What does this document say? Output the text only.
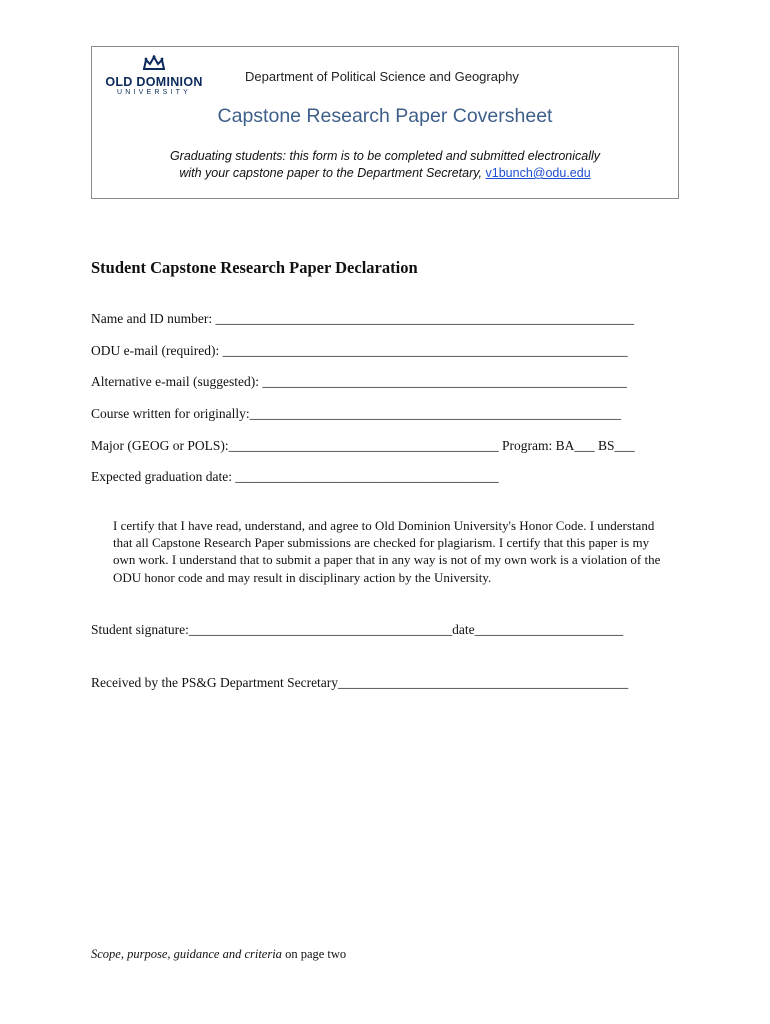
OLD DOMINION
UNIVERSITY
Department of Political Science and Geography
Capstone Research Paper Coversheet
Graduating students: this form is to be completed and submitted electronically
with your capstone paper to the Department Secretary, v1bunch@odu.edu
Student Capstone Research Paper Declaration
Name and ID number: ______________________________________________________________
ODU e-mail (required): ____________________________________________________________
Alternative e-mail (suggested): ______________________________________________________
Course written for originally:_______________________________________________________
Major (GEOG or POLS):________________________________________ Program: BA___ BS___
Expected graduation date: _______________________________________
I certify that I have read, understand, and agree to Old Dominion University's Honor Code. I understand that all Capstone Research Paper submissions are checked for plagiarism. I certify that this paper is my own work. I understand that to submit a paper that in any way is not of my own work is a violation of the ODU honor code and may result in disciplinary action by the University.
Student signature:_______________________________________date______________________
Received by the PS&G Department Secretary___________________________________________
Scope, purpose, guidance and criteria on page two
